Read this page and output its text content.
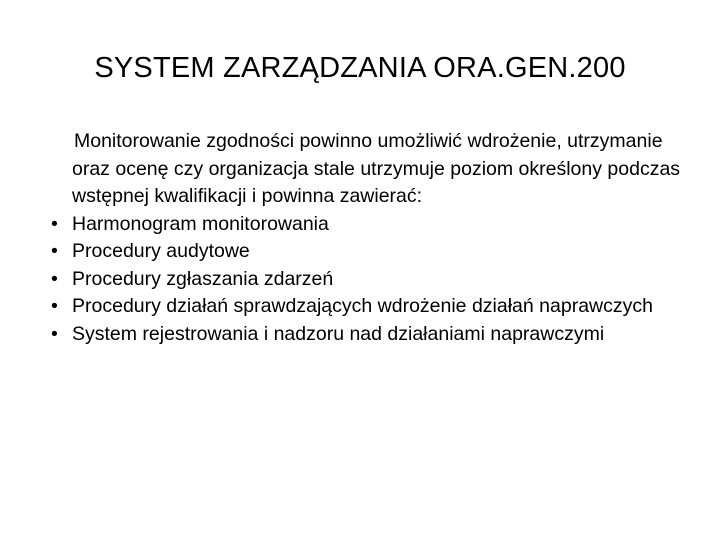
SYSTEM ZARZĄDZANIA ORA.GEN.200
Monitorowanie zgodności powinno umożliwić wdrożenie, utrzymanie oraz ocenę czy organizacja stale utrzymuje poziom określony podczas wstępnej kwalifikacji i powinna zawierać:
• Harmonogram monitorowania
• Procedury audytowe
• Procedury zgłaszania zdarzeń
• Procedury działań sprawdzających wdrożenie działań naprawczych
• System rejestrowania i nadzoru nad działaniami naprawczymi
